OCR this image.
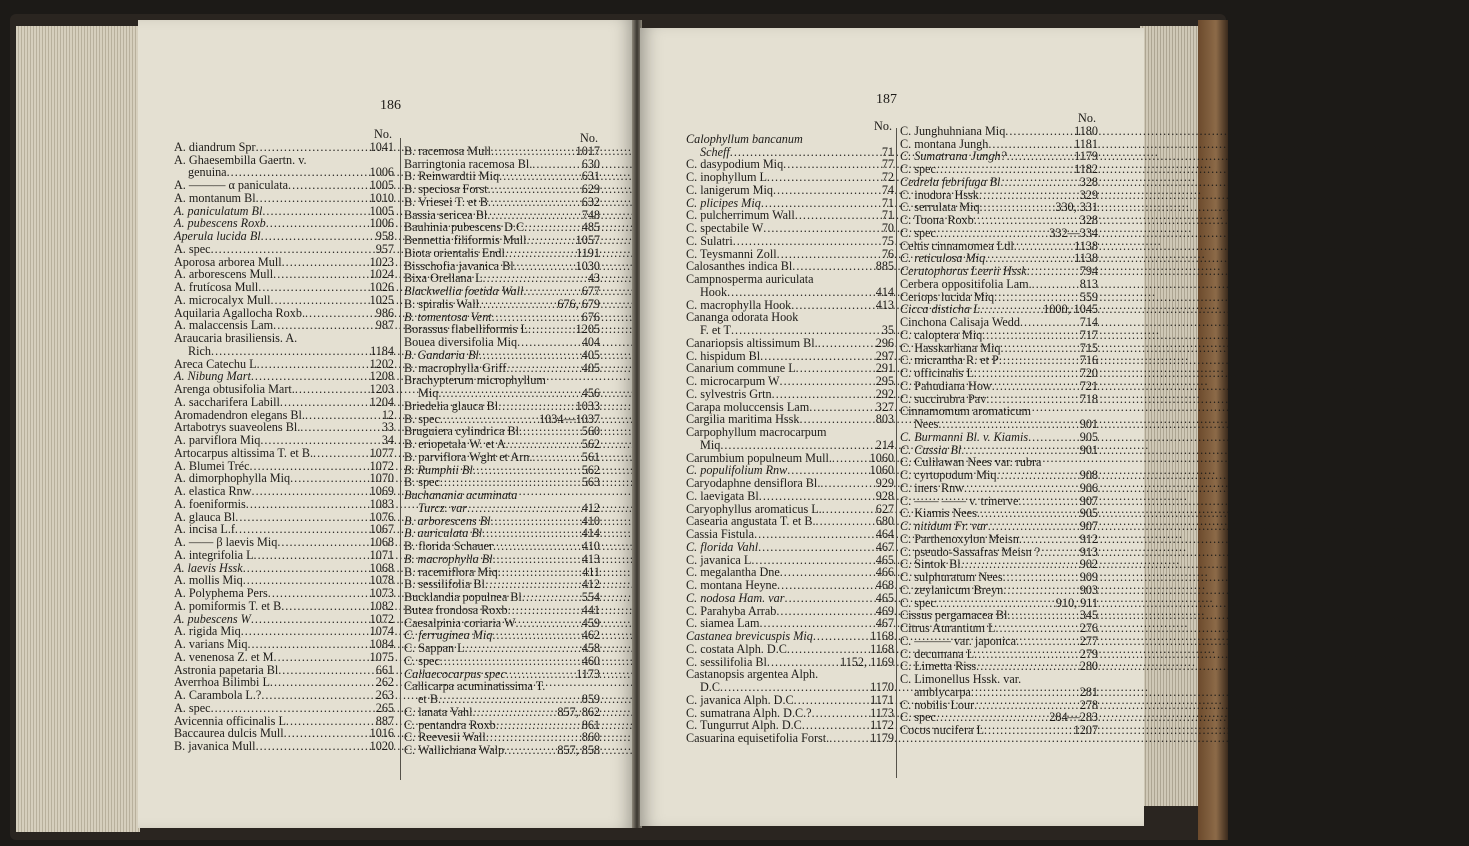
186
No.
A. diandrum Spr .....	1041
A. Ghaesembilla Gaertn. v.
genuina .....	1006
A. ——— α paniculata .....	1005
A. montanum Bl .....	1010
A. paniculatum Bl .....	1005
A. pubescens Roxb .....	1006
Aperula lucida Bl .....	958
A. spec .....	957
Aporosa arborea Mull .....	1023
A. arborescens Mull .....	1024
A. frutícosa Mull .....	1026
A. microcalyx Mull .....	1025
Aquilaria Agallocha Roxb. .....	986
A. malaccensis Lam .....	987
Araucaria brasiliensis. A.
Rich .....	1184
Areca Catechu L .....	1202
A. Nibung Mart .....	1208
Arenga obtusifolia Mart. .....	1203
A. saccharifera Labill .....	1204
Aromadendron elegans Bl. .....	12
Artabotrys suaveolens Bl. .....	33
A. parviflora Miq .....	34
Artocarpus altissima T. et B. .....	1077
A. Blumei Tréc .....	1072
A. dimorphophylla Miq .....	1070
A. elastica Rnw .....	1069
A. foeniformis .....	1083
A. glauca Bl .....	1076
A. incisa L.f .....	1067
A. —— β laevis Miq .....	1068
A. integrifolia L .....	1071
A. laevis Hssk .....	1068
A. mollis Miq .....	1078
A. Polyphema Pers .....	1073
A. pomiformis T. et B .....	1082
A. pubescens W .....	1072
A. rigida Miq .....	1074
A. varians Miq .....	1084
A. venenosa Z. et M .....	1075
Astronia papetaria Bl .....	661
Averrhoa Bilimbi L .....	262
A. Carambola L.? .....	263
A. spec .....	265
Avicennia officinalis L .....	887
Baccaurea dulcis Mull .....	1016
B. javanica Mull .....	1020
No.
B. racemosa Mull .....	1017
Barringtonia racemosa Bl. .....	630
B. Reinwardtii Miq .....	631
B. speciosa Forst .....	629
B. Vriesei T. et B .....	632
Bassia sericea Bl .....	748
Bauhinia pubescens D.C .....	485
Bennettia filiformis Mull .....	1057
Biota orientalis Endl .....	1191
Bisschofia javanica Bl .....	1030
Bixa Orellana L .....	43
Blackwellia foetida Wall .....	677
B. spiralis Wall .....	676, 679
B. tomentosa Vent .....	676
Borassus flabelliformis L .....	1205
Bouea diversifolia Miq .....	404
B. Gandaria Bl .....	405
B. macrophylla Griff .....	405
Brachypterum microphyllum
Miq .....	456
Briedelia glauca Bl .....	1033
B. spec .....	1034—1037
Bruguiera cylindrica Bl .....	560
B. eriopetala W. et A .....	562
B. parviflora Wght et Arn. .....	561
B. Rumphii Bl .....	562
B. spec .....	563
Buchanania acuminata
Turcz. var .....	412
B. arborescens Bl .....	410
B. auriculata Bl .....	414
B. florida Schauer .....	410
B. macrophylla Bl .....	413
B. racemiflora Miq .....	411
B. sessilifolia Bl .....	412
Bucklandia populnea Bl .....	554
Butea frondosa Roxb .....	441
Caesalpinia coriaria W .....	459
C. ferruginea Miq .....	462
C. Sappan L .....	458
C. spec .....	460
Callaecocarpus spec .....	1173
Callicarpa acuminatissima T.
et B .....	859
C. lanata Vahl .....	857, 862
C. pentandra Roxb .....	861
C. Reevesii Wall .....	860
C. Wallichiana Walp .....	857, 858
187
No.
Calophyllum bancanum
Scheff .....	71
C. dasypodium Miq .....	77
C. inophyllum L .....	72
C. lanigerum Miq .....	74
C. plicipes Miq .....	71
C. pulcherrimum Wall .....	71
C. spectabile W .....	70
C. Sulatri .....	75
C. Teysmanni Zoll .....	76
Calosanthes indica Bl .....	885
Campnosperma auriculata
Hook .....	414
C. macrophylla Hook .....	413
Cananga odorata Hook
F. et T .....	35
Canariopsis altissimum Bl. .....	296
C. hispidum Bl .....	297
Canarium commune L .....	291
C. microcarpum W .....	295
C. sylvestris Grtn .....	292
Carapa moluccensis Lam .....	327
Cargilia maritima Hssk .....	803
Carpophyllum macrocarpum
Miq .....	214
Carumbium populneum Mull. .....	1060
C. populifolium Rnw .....	1060
Caryodaphne densiflora Bl. .....	929
C. laevigata Bl .....	928
Caryophyllus aromaticus L. .....	627
Casearia angustata T. et B. .....	680
Cassia Fistula .....	464
C. florida Vahl .....	467
C. javanica L .....	465
C. megalantha Dne .....	466
C. montana Heyne .....	468
C. nodosa Ham. var .....	465
C. Parahyba Arrab .....	469
C. siamea Lam .....	467
Castanea brevicuspis Miq .....	1168
C. costata Alph. D.C .....	1168
C. sessilifolia Bl .....	1152, 1169
Castanopsis argentea Alph.
D.C .....	1170
C. javanica Alph. D.C .....	1171
C. sumatrana Alph. D.C.? .....	1173
C. Tungurrut Alph. D.C .....	1172
Casuarina equisetifolia Forst. .....	1179
No.
C. Junghuhniana Miq .....	1180
C. montana Jungh .....	1181
C. Sumatrana Jungh? .....	1179
C. spec .....	1182
Cedrela febrifuga Bl .....	328
C. inodora Hssk .....	329
C. serrulata Miq .....	330, 331
C. Toona Roxb .....	328
C. spec .....	332—334
Celtis cinnamomea Ldl .....	1138
C. reticulosa Miq .....	1138
Ceratophorus Leerii Hssk .....	794
Cerbera oppositifolia Lam. .....	813
Ceriops lucida Miq .....	559
Cicca disticha L .....	1000, 1045
Cinchona Calisaja Wedd .....	714
C. caloptera Miq .....	717
C. Hasskarliana Miq .....	715
C. micrantha R. et P .....	716
C. officinalis L .....	720
C. Pahudiana How .....	721
C. succirubra Pav .....	718
Cinnamomum aromaticum
Nees .....	901
C. Burmanni Bl. v. Kiamis .....	905
C. Cassia Bl .....	901
C. Culilawan Nees var. rubra
C. cyrtopodum Miq .....	908
C. iners Rnw .....	906
C. —— —— v. trinerve .....	907
C. Kiamis Nees .....	905
C. nitidum Fr. var .....	907
C. Parthenoxylon Meisn .....	912
C. pseudo-Sassafras Meisn ? .....	913
C. Sintok Bl .....	902
C. sulphuratum Nees .....	909
C. zeylanicum Breyn .....	903
C. spec .....	910, 911
Cissus pergamacea Bl .....	345
Citrus Aurantium L .....	276
C. ——— var. japonica .....	277
C. decumana L .....	279
C. Limetta Riss .....	280
C. Limonellus Hssk. var.
amblycarpa .....	281
C. nobilis Lour .....	278
C. spec .....	284—283
Cocos nucifera L .....	1207
